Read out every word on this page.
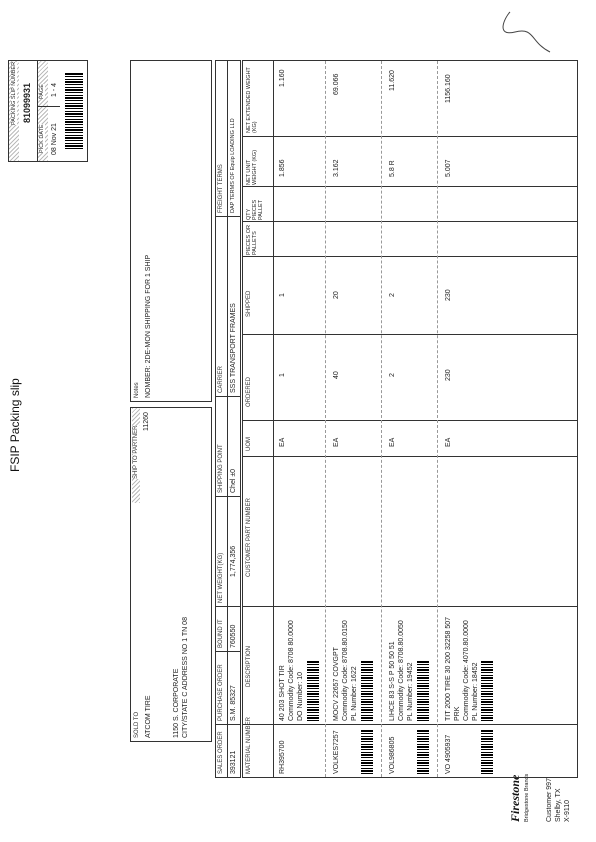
Firestone Bridgestone Brands Customer 997 Shelby, TX X-9110
FSIP Packing slip
PACKING SLIP NUMBER 81099931
PICK DATE
PAGE
08 Nov 21
1 - 4
SOLD TO
SHIP TO PARTNER
11260
ATCOM TIRE	1150 S. CORPORATE CITY/STATE C ADDRESS NO 1 TN 08
Notes NOMBER: 2DE-MON SHIPPING FOR 1 SHIP
SALES ORDER
PURCHASE ORDER
BOUND IT
NET WEIGHT(KG)
SHIPPING POINT
CARRIER
FREIGHT TERMS
393121
S.M. 85327
760550
1,774,356
Chel ±0
SSS TRANSPORT FRAMES
DAP TERMS OF Equip LOADING LLD
MATERIAL NUMBER
DESCRIPTION
CUSTOMER PART NUMBER
UOM
ORDERED
SHIPPED
PIECES OR PALLETS
QTY PIECES PALLET
NET UNIT WEIGHT (KG)
NET EXTENDED WEIGHT (KG)
RH395700
40 203 SHOT TIR Commodity Code: 8708 80.0000 DO Number: 10
EA
1
1
1.856
1.160
VOLKES7257
MOCV 22657 COVGPT Commodity Code: 8708.80.0150 PL Number: 1622
EA
40
20
3.162
69.066
VOL986805
LIHCE 83 S-S P 50 50 51 Commodity Code: 8708.80.0050 PL Number: 19452
EA
2
2
5.8 R
11.620
VO 4905937
TIT 2000 TIRE 30 200 32258 507 PRK Commodity Code: 4070.80.0000 PL Number: 18452
EA
230
230
5.007
1156.160
